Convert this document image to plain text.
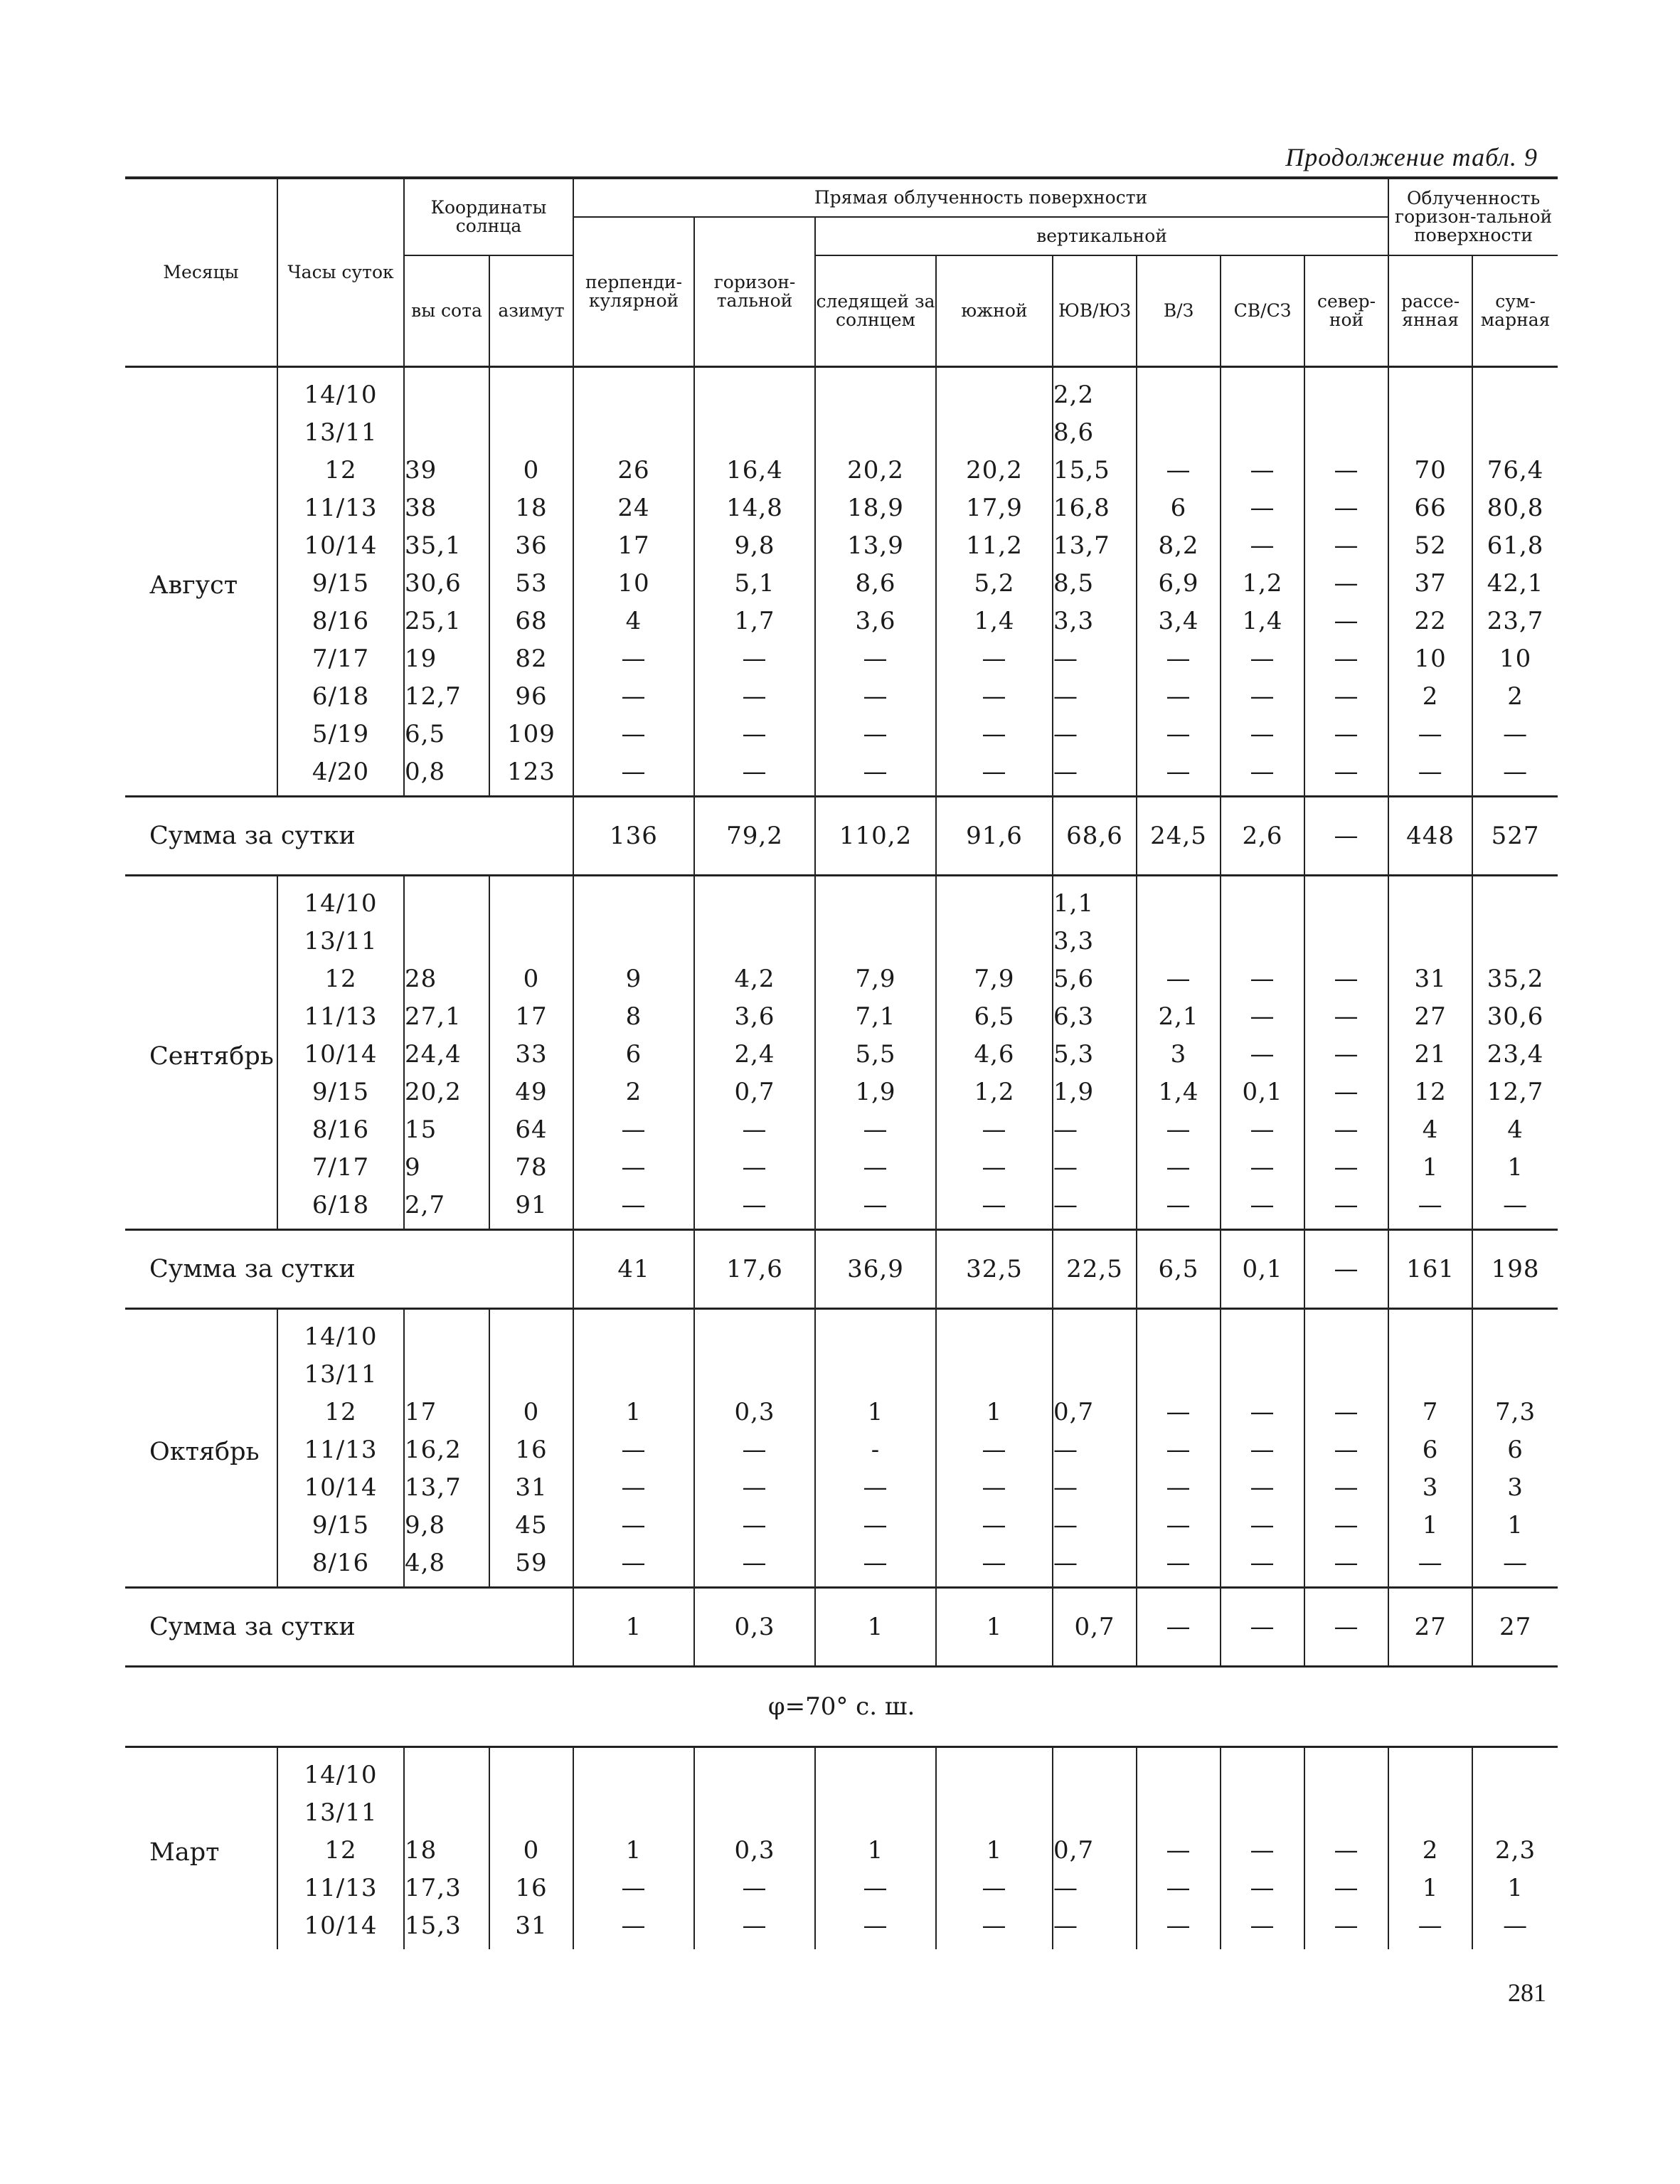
Продолжение табл. 9
Месяцы	Часы суток	Координаты солнца		Прямая облученность поверхности								Облученность горизон-тальной поверхности	
				перпенди-кулярной	горизон-тальной	вертикальной							
		вы сота	азимут			следящей за солнцем	южной	ЮВ/ЮЗ	В/З	СВ/СЗ	север-ной	рассе-янная	сум-марная
Август	14/10							2,2					
	13/11							8,6					
	12	39	0	26	16,4	20,2	20,2	15,5	—	—	—	70	76,4
	11/13	38	18	24	14,8	18,9	17,9	16,8	6	—	—	66	80,8
	10/14	35,1	36	17	9,8	13,9	11,2	13,7	8,2	—	—	52	61,8
	9/15	30,6	53	10	5,1	8,6	5,2	8,5	6,9	1,2	—	37	42,1
	8/16	25,1	68	4	1,7	3,6	1,4	3,3	3,4	1,4	—	22	23,7
	7/17	19	82	—	—	—	—	—	—	—	—	10	10
	6/18	12,7	96	—	—	—	—	—	—	—	—	2	2
	5/19	6,5	109	—	—	—	—	—	—	—	—	—	—
	4/20	0,8	123	—	—	—	—	—	—	—	—	—	—
Сумма за сутки				136	79,2	110,2	91,6	68,6	24,5	2,6	—	448	527
Сентябрь	14/10							1,1					
	13/11							3,3					
	12	28	0	9	4,2	7,9	7,9	5,6	—	—	—	31	35,2
	11/13	27,1	17	8	3,6	7,1	6,5	6,3	2,1	—	—	27	30,6
	10/14	24,4	33	6	2,4	5,5	4,6	5,3	3	—	—	21	23,4
	9/15	20,2	49	2	0,7	1,9	1,2	1,9	1,4	0,1	—	12	12,7
	8/16	15	64	—	—	—	—	—	—	—	—	4	4
	7/17	9	78	—	—	—	—	—	—	—	—	1	1
	6/18	2,7	91	—	—	—	—	—	—	—	—	—	—
Сумма за сутки				41	17,6	36,9	32,5	22,5	6,5	0,1	—	161	198
Октябрь	14/10												
	13/11												
	12	17	0	1	0,3	1	1	0,7	—	—	—	7	7,3
	11/13	16,2	16	—	—	-	—	—	—	—	—	6	6
	10/14	13,7	31	—	—	—	—	—	—	—	—	3	3
	9/15	9,8	45	—	—	—	—	—	—	—	—	1	1
	8/16	4,8	59	—	—	—	—	—	—	—	—	—	—
Сумма за сутки				1	0,3	1	1	0,7	—	—	—	27	27
φ=70° с. ш.													
Март	14/10												
	13/11												
	12	18	0	1	0,3	1	1	0,7	—	—	—	2	2,3
	11/13	17,3	16	—	—	—	—	—	—	—	—	1	1
	10/14	15,3	31	—	—	—	—	—	—	—	—	—	—
281
